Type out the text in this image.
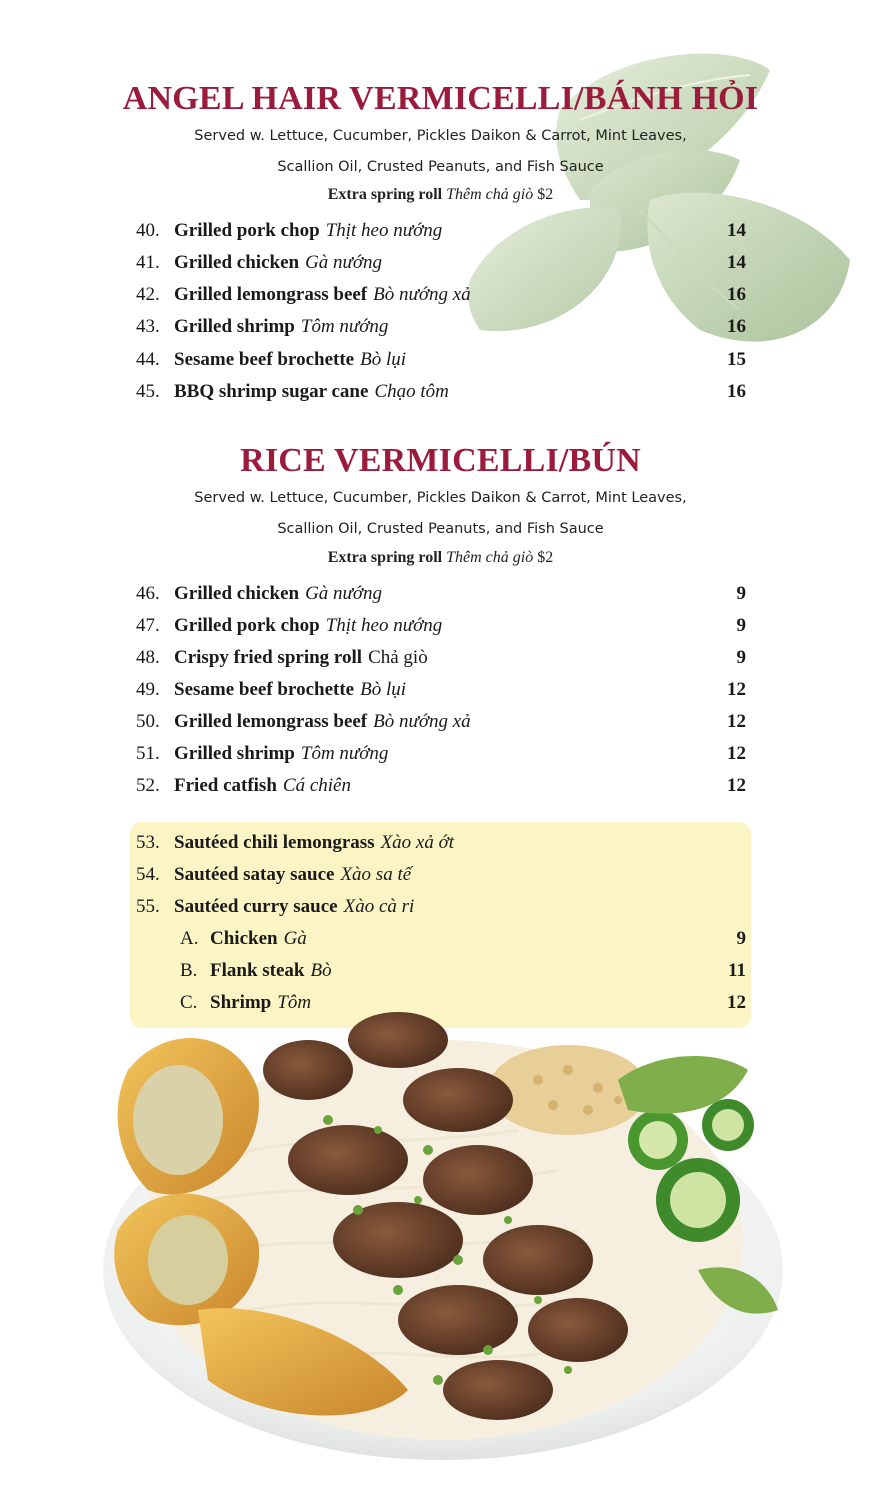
ANGEL HAIR VERMICELLI/BÁNH HỎI
Served w. Lettuce, Cucumber, Pickles Daikon & Carrot, Mint Leaves,
Scallion Oil, Crusted Peanuts, and Fish Sauce
Extra spring roll Thêm chả giò $2
40. Grilled pork chop Thịt heo nướng	14
41. Grilled chicken Gà nướng	14
42. Grilled lemongrass beef Bò nướng xả	16
43. Grilled shrimp Tôm nướng	16
44. Sesame beef brochette Bò lụi	15
45. BBQ shrimp sugar cane Chạo tôm	16
RICE VERMICELLI/BÚN
Served w. Lettuce, Cucumber, Pickles Daikon & Carrot, Mint Leaves,
Scallion Oil, Crusted Peanuts, and Fish Sauce
Extra spring roll Thêm chả giò $2
46. Grilled chicken Gà nướng	9
47. Grilled pork chop Thịt heo nướng	9
48. Crispy fried spring roll Chả giò	9
49. Sesame beef brochette Bò lụi	12
50. Grilled lemongrass beef Bò nướng xả	12
51. Grilled shrimp Tôm nướng	12
52. Fried catfish Cá chiên	12
53. Sautéed chili lemongrass Xào xả ớt
54. Sautéed satay sauce Xào sa tế
55. Sautéed curry sauce Xào cà ri
A. Chicken Gà	9
B. Flank steak Bò	11
C. Shrimp Tôm	12
